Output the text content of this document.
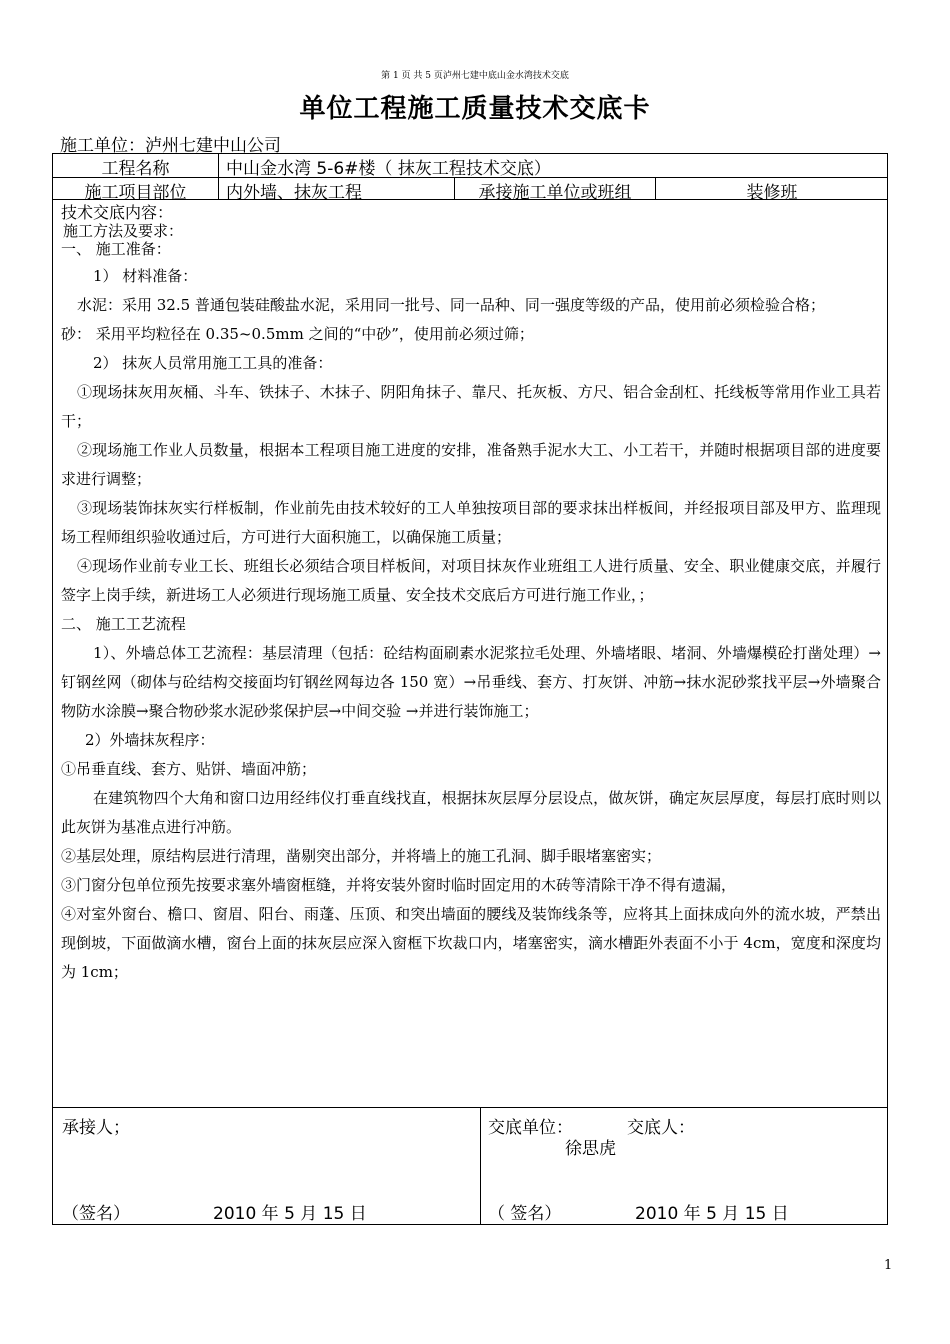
第 1 页 共 5 页泸州七建中底山金水湾技术交底
单位工程施工质量技术交底卡
施工单位：泸州七建中山公司
工程名称	中山金水湾 5-6#楼（ 抹灰工程技术交底）
施工项目部位	内外墙、抹灰工程	承接施工单位或班组	装修班
技术交底内容：
施工方法及要求：
一、 施工准备：

1） 材料准备：

水泥：采用 32.5 普通包装硅酸盐水泥，采用同一批号、同一品种、同一强度等级的产品，使用前必须检验合格；

砂： 采用平均粒径在 0.35~0.5mm 之间的“中砂”，使用前必须过筛；

2） 抹灰人员常用施工工具的准备：

①现场抹灰用灰桶、斗车、铁抹子、木抹子、阴阳角抹子、靠尺、托灰板、方尺、铝合金刮杠、托线板等常用作业工具若干；

②现场施工作业人员数量，根据本工程项目施工进度的安排，准备熟手泥水大工、小工若干，并随时根据项目部的进度要求进行调整；

③现场装饰抹灰实行样板制，作业前先由技术较好的工人单独按项目部的要求抹出样板间，并经报项目部及甲方、监理现场工程师组织验收通过后，方可进行大面积施工，以确保施工质量；

④现场作业前专业工长、班组长必须结合项目样板间，对项目抹灰作业班组工人进行质量、安全、职业健康交底，并履行签字上岗手续，新进场工人必须进行现场施工质量、安全技术交底后方可进行施工作业，；

二、 施工工艺流程

1）、外墙总体工艺流程：基层清理（包括：砼结构面刷素水泥浆拉毛处理、外墙堵眼、堵洞、外墙爆模砼打凿处理）→钉钢丝网（砌体与砼结构交接面均钉钢丝网每边各 150 宽）→吊垂线、套方、打灰饼、冲筋→抹水泥砂浆找平层→外墙聚合物防水涂膜→聚合物砂浆水泥砂浆保护层→中间交验 →并进行装饰施工；

2）外墙抹灰程序：

①吊垂直线、套方、贴饼、墙面冲筋；

在建筑物四个大角和窗口边用经纬仪打垂直线找直，根据抹灰层厚分层设点，做灰饼，确定灰层厚度，每层打底时则以此灰饼为基准点进行冲筋。

②基层处理，原结构层进行清理，凿剔突出部分，并将墙上的施工孔洞、脚手眼堵塞密实；

③门窗分包单位预先按要求塞外墙窗框缝，并将安装外窗时临时固定用的木砖等清除干净不得有遗漏，

④对室外窗台、檐口、窗眉、阳台、雨蓬、压顶、和突出墙面的腰线及装饰线条等，应将其上面抹成向外的流水坡，严禁出现倒坡，下面做滴水槽，窗台上面的抹灰层应深入窗框下坎裁口内，堵塞密实，滴水槽距外表面不小于 4cm，宽度和深度均为 1cm；

承接人；
（签名）	2010 年 5 月 15 日
交底单位：	交底人：
徐思虎
（ 签名）	2010 年 5 月 15 日
1
